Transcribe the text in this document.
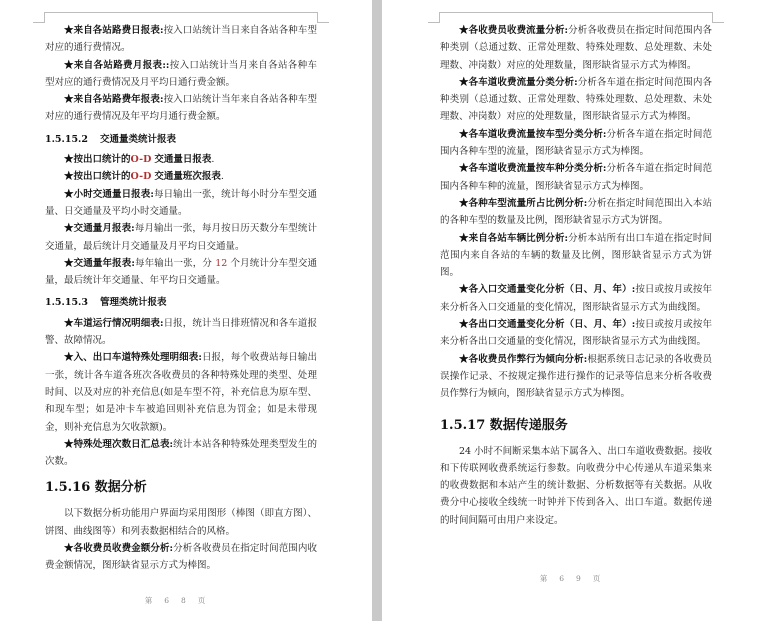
★来自各站路费日报表:按入口站统计当日来自各站各种车型对应的通行费情况。

★来自各站路费月报表::按入口站统计当月来自各站各种车型对应的通行费情况及月平均日通行费金额。

★来自各站路费年报表:按入口站统计当年来自各站各种车型对应的通行费情况及年平均月通行费金额。

1.5.15.2 交通量类统计报表

★按出口统计的O-D 交通量日报表.

★按出口统计的O-D 交通量班次报表.

★小时交通量日报表:每日输出一张，统计每小时分车型交通量、日交通量及平均小时交通量。

★交通量月报表:每月输出一张，每月按日历天数分车型统计交通量，最后统计月交通量及月平均日交通量。

★交通量年报表:每年输出一张，分 12 个月统计分车型交通量，最后统计年交通量、年平均日交通量。

1.5.15.3 管理类统计报表

★车道运行情况明细表:日报，统计当日排班情况和各车道报警、故障情况。

★入、出口车道特殊处理明细表:日报，每个收费站每日输出一张，统计各车道各班次各收费员的各种特殊处理的类型、处理时间、以及对应的补充信息(如是车型不符，补充信息为原车型、和现车型；如是冲卡车被追回则补充信息为罚金；如是未带现金，则补充信息为欠收款额)。

★特殊处理次数日汇总表:统计本站各种特殊处理类型发生的次数。

1.5.16 数据分析

以下数据分析功能用户界面均采用图形（棒图（即直方图）、饼图、曲线图等）和列表数据相结合的风格。

★各收费员收费金额分析:分析各收费员在指定时间范围内收费金额情况，图形缺省显示方式为棒图。

第68页

★各收费员收费流量分析:分析各收费员在指定时间范围内各种类别（总通过数、正常处理数、特殊处理数、总处理数、未处理数、冲岗数）对应的处理数量，图形缺省显示方式为棒图。

★各车道收费流量分类分析:分析各车道在指定时间范围内各种类别（总通过数、正常处理数、特殊处理数、总处理数、未处理数、冲岗数）对应的处理数量，图形缺省显示方式为棒图。

★各车道收费流量按车型分类分析:分析各车道在指定时间范围内各种车型的流量，图形缺省显示方式为棒图。

★各车道收费流量按车种分类分析:分析各车道在指定时间范围内各种车种的流量，图形缺省显示方式为棒图。

★各种车型流量所占比例分析:分析在指定时间范围出入本站的各种车型的数量及比例，图形缺省显示方式为饼图。

★来自各站车辆比例分析:分析本站所有出口车道在指定时间范围内来自各站的车辆的数量及比例，图形缺省显示方式为饼图。

★各入口交通量变化分析（日、月、年）:按日或按月或按年来分析各入口交通量的变化情况，图形缺省显示方式为曲线图。

★各出口交通量变化分析（日、月、年）:按日或按月或按年来分析各出口交通量的变化情况，图形缺省显示方式为曲线图。

★各收费员作弊行为倾向分析:根据系统日志记录的各收费员误操作记录、不按规定操作进行操作的记录等信息来分析各收费员作弊行为倾向，图形缺省显示方式为棒图。

1.5.17 数据传递服务

24 小时不间断采集本站下属各入、出口车道收费数据。接收和下传联网收费系统运行参数。向收费分中心传递从车道采集来的收费数据和本站产生的统计数据、分析数据等有关数据。从收费分中心接收全线统一时钟并下传到各入、出口车道。数据传递的时间间隔可由用户来设定。

第69页
